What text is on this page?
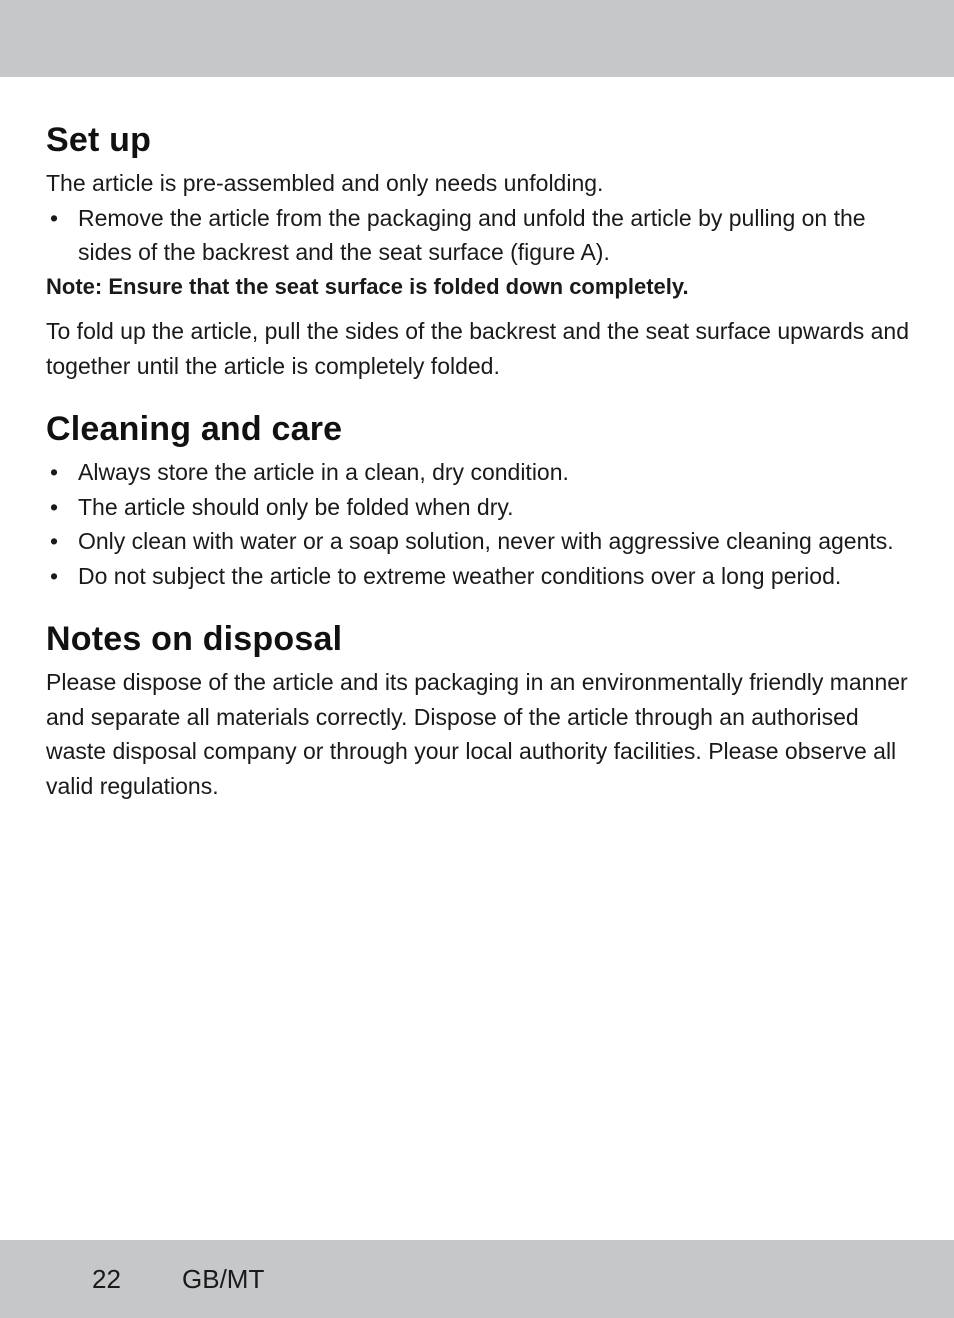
Set up

The article is pre-assembled and only needs unfolding.

• Remove the article from the packaging and unfold the article by pulling on the sides of the backrest and the seat surface (figure A).

Note: Ensure that the seat surface is folded down completely.

To fold up the article, pull the sides of the backrest and the seat surface upwards and together until the article is completely folded.

Cleaning and care
• Always store the article in a clean, dry condition.
• The article should only be folded when dry.
• Only clean with water or a soap solution, never with aggressive cleaning agents.
• Do not subject the article to extreme weather conditions over a long period.
Notes on disposal

Please dispose of the article and its packaging in an environmentally friendly manner and separate all materials correctly. Dispose of the article through an authorised waste disposal company or through your local authority facilities. Please observe all valid regulations.

22 GB/MT
